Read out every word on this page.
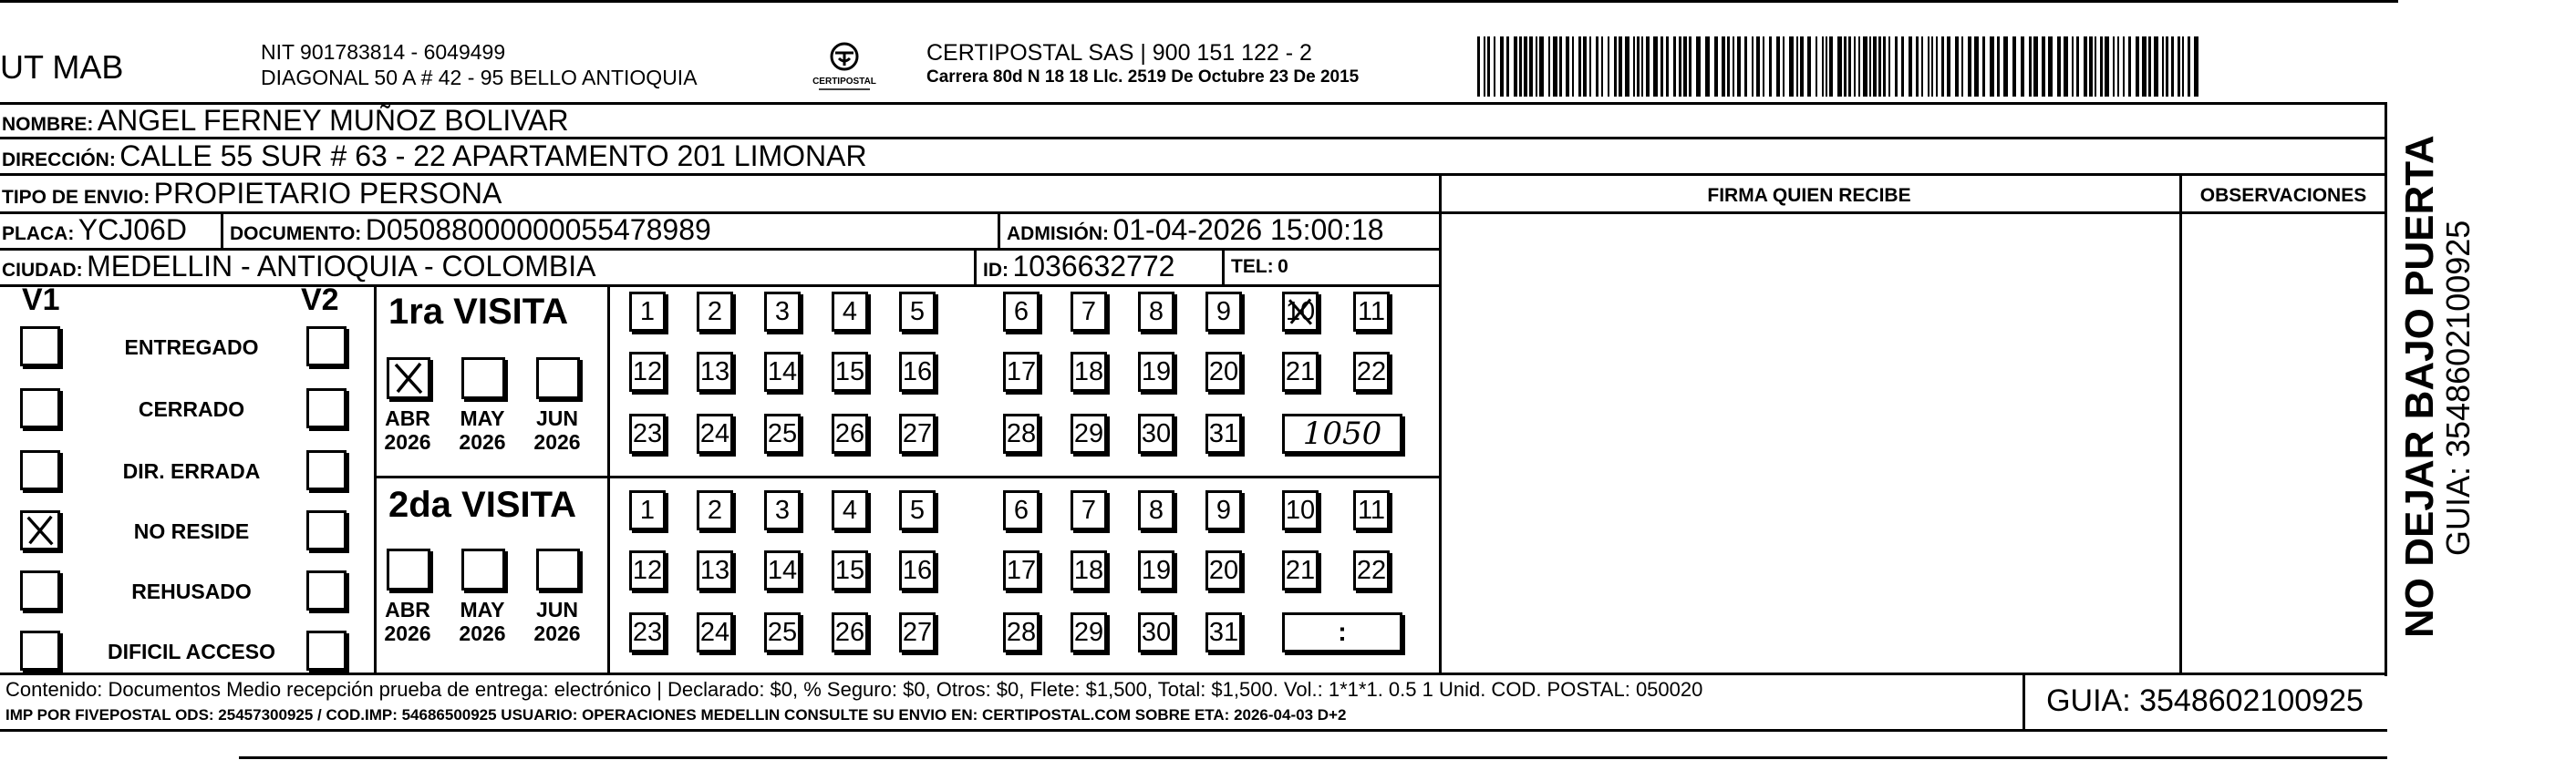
UT MAB	NIT 901783814 - 6049499
DIAGONAL 50 A # 42 - 95 BELLO ANTIOQUIA	CERTIPOSTAL
CERTIPOSTAL SAS | 900 151 122 - 2
Carrera 80d N 18 18 Llc. 2519 De Octubre 23 De 2015
NOMBRE: ANGEL FERNEY MUÑOZ BOLIVAR
DIRECCIÓN: CALLE 55 SUR # 63 - 22 APARTAMENTO 201 LIMONAR
TIPO DE ENVIO: PROPIETARIO PERSONA	FIRMA QUIEN RECIBE	OBSERVACIONES
PLACA: YCJ06D DOCUMENTO: D05088000000055478989	ADMISIÓN: 01-04-2026 15:00:18
CIUDAD: MEDELLIN - ANTIOQUIA - COLOMBIA	ID: 1036632772	TEL: 0
V1	V2
ENTREGADO
CERRADO
DIR. ERRADA
NO RESIDE
REHUSADO
DIFICIL ACCESO
1ra VISITA
ABR
2026
MAY
2026
JUN
2026
1	2	3	4	5	6	7	8	9	10 11
12 13 14 15 16	17 18 19 20 21 22
23 24 25 26 27	28 29 30 31	1050
2da VISITA
ABR
2026
MAY
2026
JUN
2026
1	2	3	4	5	6	7	8	9	10 11
12 13 14 15 16	17 18 19 20 21 22
23 24 25 26 27	28 29 30 31	:
Contenido: Documentos Medio recepción prueba de entrega: electrónico | Declarado: $0, % Seguro: $0, Otros: $0, Flete: $1,500, Total: $1,500. Vol.: 1*1*1. 0.5 1 Unid. COD. POSTAL: 050020
IMP POR FIVEPOSTAL ODS: 25457300925 / COD.IMP: 54686500925 USUARIO: OPERACIONES MEDELLIN CONSULTE SU ENVIO EN: CERTIPOSTAL.COM SOBRE ETA: 2026-04-03 D+2	GUIA: 3548602100925
NO DEJAR BAJO PUERTA
GUIA: 3548602100925
